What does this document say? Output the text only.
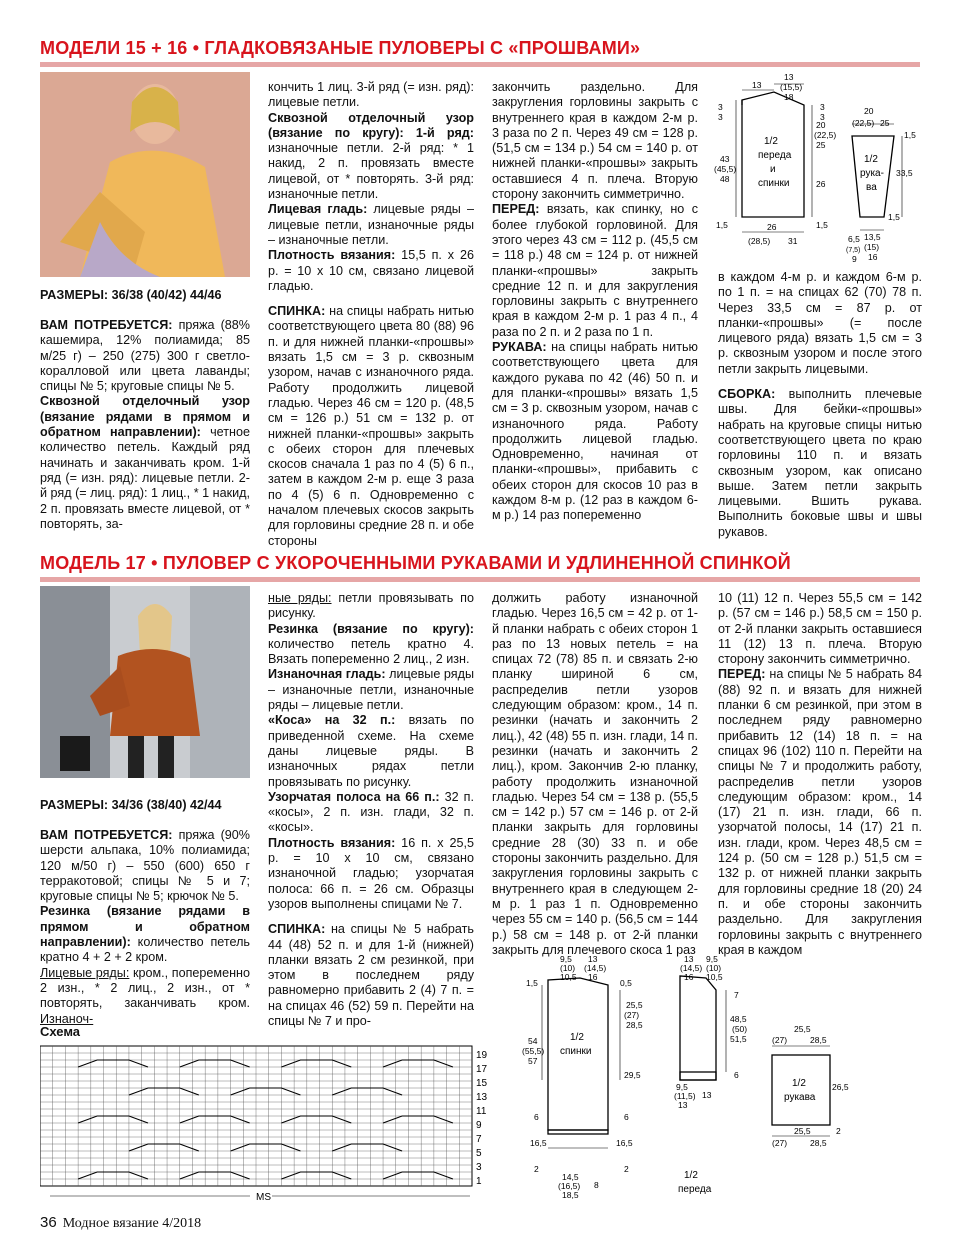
МОДЕЛИ 15 + 16 • ГЛАДКОВЯЗАНЫЕ ПУЛОВЕРЫ С «ПРОШВАМИ»
РАЗМЕРЫ: 36/38 (40/42) 44/46

ВАМ ПОТРЕБУЕТСЯ: пряжа (88% кашемира, 12% полиамида; 85 м/25 г) – 250 (275) 300 г светло-коралловой или цвета лаванды; спицы № 5; круговые спицы № 5.

Сквозной отделочный узор (вязание рядами в прямом и обратном направлении): четное количество петель. Каждый ряд начинать и заканчивать кром. 1-й ряд (= изн. ряд): лицевые петли. 2-й ряд (= лиц. ряд): 1 лиц., * 1 накид, 2 п. провязать вместе лицевой, от * повторять, за-

кончить 1 лиц. 3-й ряд (= изн. ряд): лицевые петли.

Сквозной отделочный узор (вязание по кругу): 1-й ряд: изнаночные петли. 2-й ряд: * 1 накид, 2 п. провязать вместе лицевой, от * повторять. 3-й ряд: изнаночные петли.

Лицевая гладь: лицевые ряды – лицевые петли, изнаночные ряды – изнаночные петли.

Плотность вязания: 15,5 п. х 26 р. = 10 х 10 см, связано лицевой гладью.

СПИНКА: на спицы набрать нитью соответствующего цвета 80 (88) 96 п. и для нижней планки-«прошвы» вязать 1,5 см = 3 р. сквозным узором, начав с изнаночного ряда. Работу продолжить лицевой гладью. Через 46 см = 120 р. (48,5 см = 126 р.) 51 см = 132 р. от нижней планки-«прошвы» закрыть с обеих сторон для плечевых скосов сначала 1 раз по 4 (5) 6 п., затем в каждом 2-м р. еще 3 раза по 4 (5) 6 п. Одновременно с началом плечевых скосов закрыть для горловины средние 28 п. и обе стороны

закончить раздельно. Для закругления горловины закрыть с внутреннего края в каждом 2-м р. 3 раза по 2 п. Через 49 см = 128 р. (51,5 см = 134 р.) 54 см = 140 р. от нижней планки-«прошвы» закрыть оставшиеся 4 п. плеча. Вторую сторону закончить симметрично.

ПЕРЕД: вязать, как спинку, но с более глубокой горловиной. Для этого через 43 см = 112 р. (45,5 см = 118 р.) 48 см = 124 р. от нижней планки-«прошвы» закрыть средние 12 п. и для закругления горловины закрыть с внутреннего края в каждом 2-м р. 1 раз 4 п., 4 раза по 2 п. и 2 раза по 1 п.

РУКАВА: на спицы набрать нитью соответствующего цвета для каждого рукава по 42 (46) 50 п. и для планки-«прошвы» вязать 1,5 см = 3 р. сквозным узором, начав с изнаночного ряда. Работу продолжить лицевой гладью. Одновременно, начиная от планки-«прошвы», прибавить с обеих сторон для скосов 10 раз в каждом 8-м р. (12 раз в каждом 6-м р.) 14 раз попеременно

13
13
(15,5)
18
3
3
43
(45,5)
48
1,5
1/2
переда
и
спинки
20
(22,5)
25
26
3
3
1,5
26
(28,5) 31
20
(22,5) 25
1/2
рука-
ва
1,5
33,5
1,5
13,5
(15)
16
6,5
(7,5)
9

в каждом 4-м р. и каждом 6-м р. по 1 п. = на спицах 62 (70) 78 п. Через 33,5 см = 87 р. от планки-«прошвы» (= после лицевого ряда) вязать 1,5 см = 3 р. сквозным узором и после этого петли закрыть лицевыми.

СБОРКА: выполнить плечевые швы. Для бейки-«прошвы» набрать на круговые спицы нитью соответствующего цвета по краю горловины 110 п. и вязать сквозным узором, как описано выше. Затем петли закрыть лицевыми. Вшить рукава. Выполнить боковые швы и швы рукавов.

МОДЕЛЬ 17 • ПУЛОВЕР С УКОРОЧЕННЫМИ РУКАВАМИ И УДЛИНЕННОЙ СПИНКОЙ
РАЗМЕРЫ: 34/36 (38/40) 42/44

ВАМ ПОТРЕБУЕТСЯ: пряжа (90% шерсти альпака, 10% полиамида; 120 м/50 г) – 550 (600) 650 г терракотовой; спицы № 5 и 7; круговые спицы № 5; крючок № 5.

Резинка (вязание рядами в прямом и обратном направлении): количество петель кратно 4 + 2 + 2 кром.

Лицевые ряды: кром., попеременно 2 изн., * 2 лиц., 2 изн., от * повторять, заканчивать кром. Изнаноч-

ные ряды: петли провязывать по рисунку.

Резинка (вязание по кругу): количество петель кратно 4. Вязать попеременно 2 лиц., 2 изн.

Изнаночная гладь: лицевые ряды – изнаночные петли, изнаночные ряды – лицевые петли.

«Коса» на 32 п.: вязать по приведенной схеме. На схеме даны лицевые ряды. В изнаночных рядах петли провязывать по рисунку.

Узорчатая полоса на 66 п.: 32 п. «косы», 2 п. изн. глади, 32 п. «косы».

Плотность вязания: 16 п. х 25,5 р. = 10 х 10 см, связано изнаночной гладью; узорчатая полоса: 66 п. = 26 см. Образцы узоров выполнены спицами № 7.

СПИНКА: на спицы № 5 набрать 44 (48) 52 п. и для 1-й (нижней) планки вязать 2 см резинкой, при этом в последнем ряду равномерно прибавить 2 (4) 7 п. = на спицах 46 (52) 59 п. Перейти на спицы № 7 и про-

должить работу изнаночной гладью. Через 16,5 см = 42 р. от 1-й планки набрать с обеих сторон 1 раз по 13 новых петель = на спицах 72 (78) 85 п. и связать 2-ю планку шириной 6 см, распределив петли узоров следующим образом: кром., 14 п. резинки (начать и закончить 2 лиц.), 42 (48) 55 п. изн. глади, 14 п. резинки (начать и закончить 2 лиц.), кром. Закончив 2-ю планку, работу продолжить изнаночной гладью. Через 54 см = 138 р. (55,5 см = 142 р.) 57 см = 146 р. от 2-й планки закрыть для горловины средние 28 (30) 33 п. и обе стороны закончить раздельно. Для закругления горловины закрыть с внутреннего края в следующем 2-м р. 1 раз 1 п. Одновременно через 55 см = 140 р. (56,5 см = 144 р.) 58 см = 148 р. от 2-й планки закрыть для плечевого скоса 1 раз

10 (11) 12 п. Через 55,5 см = 142 р. (57 см = 146 р.) 58,5 см = 150 р. от 2-й планки закрыть оставшиеся 11 (12) 13 п. плеча. Вторую сторону закончить симметрично.

ПЕРЕД: на спицы № 5 набрать 84 (88) 92 п. и вязать для нижней планки 6 см резинкой, при этом в последнем ряду равномерно прибавить 12 (14) 18 п. = на спицах 96 (102) 110 п. Перейти на спицы № 7 и продолжить работу, распределив петли узоров следующим образом: кром., 14 (17) 21 п. изн. глади, 66 п. узорчатой полосы, 14 (17) 21 п. изн. глади, кром. Через 48,5 см = 124 р. (50 см = 128 р.) 51,5 см = 132 р. от нижней планки закрыть для горловины средние 18 (20) 24 п. и обе стороны закончить раздельно. Для закругления горловины закрыть с внутреннего края в каждом

Схема
19
17
15
13
11
9
7
5
3
1
MS
1/2
спинки
1/2
переда
1/2
рукава
9,5
(10)
10,5
13
(14,5)
16
1,5	0,5
25,5
(27)
28,5
54
(55,5)
57
29,5
6	6
16,5	16,5
2	2
14,5
(16,5)
18,5
8
13
(14,5)
16
9,5
(10)
10,5
7
48,5
(50)
51,5
6
9,5
(11,5)
13
13
25,5
(27)	28,5
26,5
25,5
(27)	28,5
2
36 Модное вязание 4/2018
